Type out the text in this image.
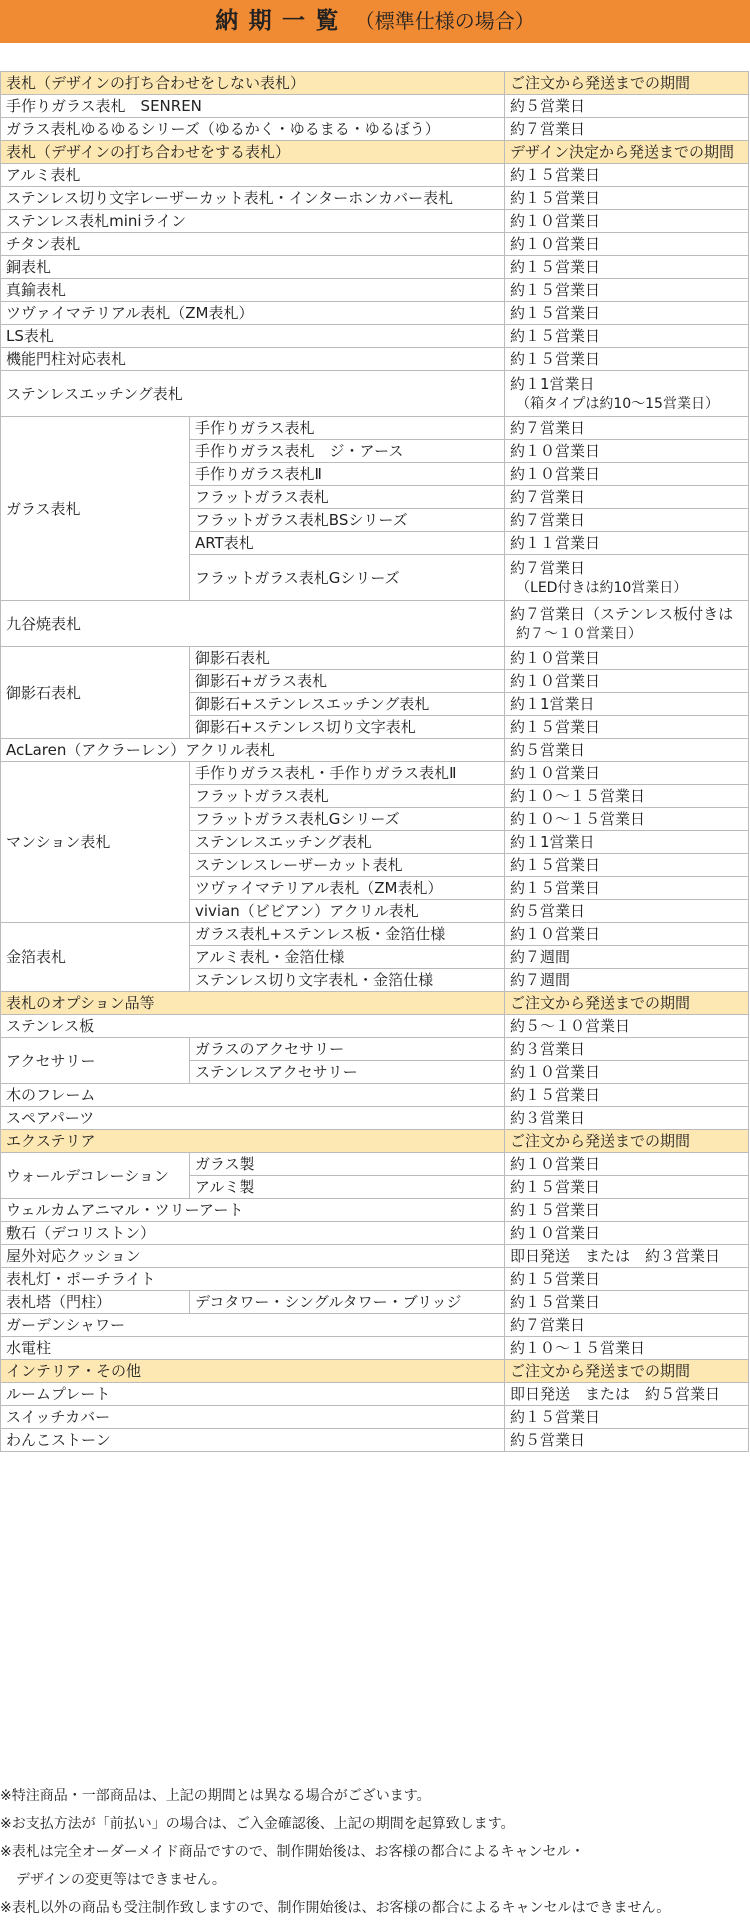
納期一覧 （標準仕様の場合）
表札（デザインの打ち合わせをしない表札）		ご注文から発送までの期間
手作りガラス表札　SENREN		約５営業日
ガラス表札ゆるゆるシリーズ（ゆるかく・ゆるまる・ゆるぼう）		約７営業日
表札（デザインの打ち合わせをする表札）		デザイン決定から発送までの期間
アルミ表札		約１５営業日
ステンレス切り文字レーザーカット表札・インターホンカバー表札		約１５営業日
ステンレス表札miniライン		約１０営業日
チタン表札		約１０営業日
銅表札		約１５営業日
真鍮表札		約１５営業日
ツヴァイマテリアル表札（ZM表札）		約１５営業日
LS表札		約１５営業日
機能門柱対応表札		約１５営業日
ステンレスエッチング表札		約１1営業日
（箱タイプは約10～15営業日）

ガラス表札	手作りガラス表札	約７営業日
	手作りガラス表札　ジ・アース	約１０営業日
	手作りガラス表札Ⅱ	約１０営業日
	フラットガラス表札	約７営業日
	フラットガラス表札BSシリーズ	約７営業日
	ART表札	約１１営業日
	フラットガラス表札Gシリーズ	約７営業日
（LED付きは約10営業日）

九谷焼表札		約７営業日（ステンレス板付きは
約７～１０営業日）

御影石表札	御影石表札	約１０営業日
	御影石+ガラス表札	約１０営業日
	御影石+ステンレスエッチング表札	約１1営業日
	御影石+ステンレス切り文字表札	約１５営業日
AcLaren（アクラーレン）アクリル表札		約５営業日
マンション表札	手作りガラス表札・手作りガラス表札Ⅱ	約１０営業日
	フラットガラス表札	約１０～１５営業日
	フラットガラス表札Gシリーズ	約１０～１５営業日
	ステンレスエッチング表札	約１1営業日
	ステンレスレーザーカット表札	約１５営業日
	ツヴァイマテリアル表札（ZM表札）	約１５営業日
	vivian（ビビアン）アクリル表札	約５営業日
金箔表札	ガラス表札+ステンレス板・金箔仕様	約１０営業日
	アルミ表札・金箔仕様	約７週間
	ステンレス切り文字表札・金箔仕様	約７週間
表札のオプション品等		ご注文から発送までの期間
ステンレス板		約５～１０営業日
アクセサリー	ガラスのアクセサリー	約３営業日
	ステンレスアクセサリー	約１０営業日
木のフレーム		約１５営業日
スペアパーツ		約３営業日
エクステリア		ご注文から発送までの期間
ウォールデコレーション	ガラス製	約１０営業日
	アルミ製	約１５営業日
ウェルカムアニマル・ツリーアート		約１５営業日
敷石（デコリストン）		約１０営業日
屋外対応クッション		即日発送　または　約３営業日
表札灯・ポーチライト		約１５営業日
表札塔（門柱）	デコタワー・シングルタワー・ブリッジ	約１５営業日
ガーデンシャワー		約７営業日
水電柱		約１０～１５営業日
インテリア・その他		ご注文から発送までの期間
ルームプレート		即日発送　または　約５営業日
スイッチカバー		約１５営業日
わんこストーン		約５営業日

※特注商品・一部商品は、上記の期間とは異なる場合がございます。

※お支払方法が「前払い」の場合は、ご入金確認後、上記の期間を起算致します。

※表札は完全オーダーメイド商品ですので、制作開始後は、お客様の都合によるキャンセル・

デザインの変更等はできません。

※表札以外の商品も受注制作致しますので、制作開始後は、お客様の都合によるキャンセルはできません。
